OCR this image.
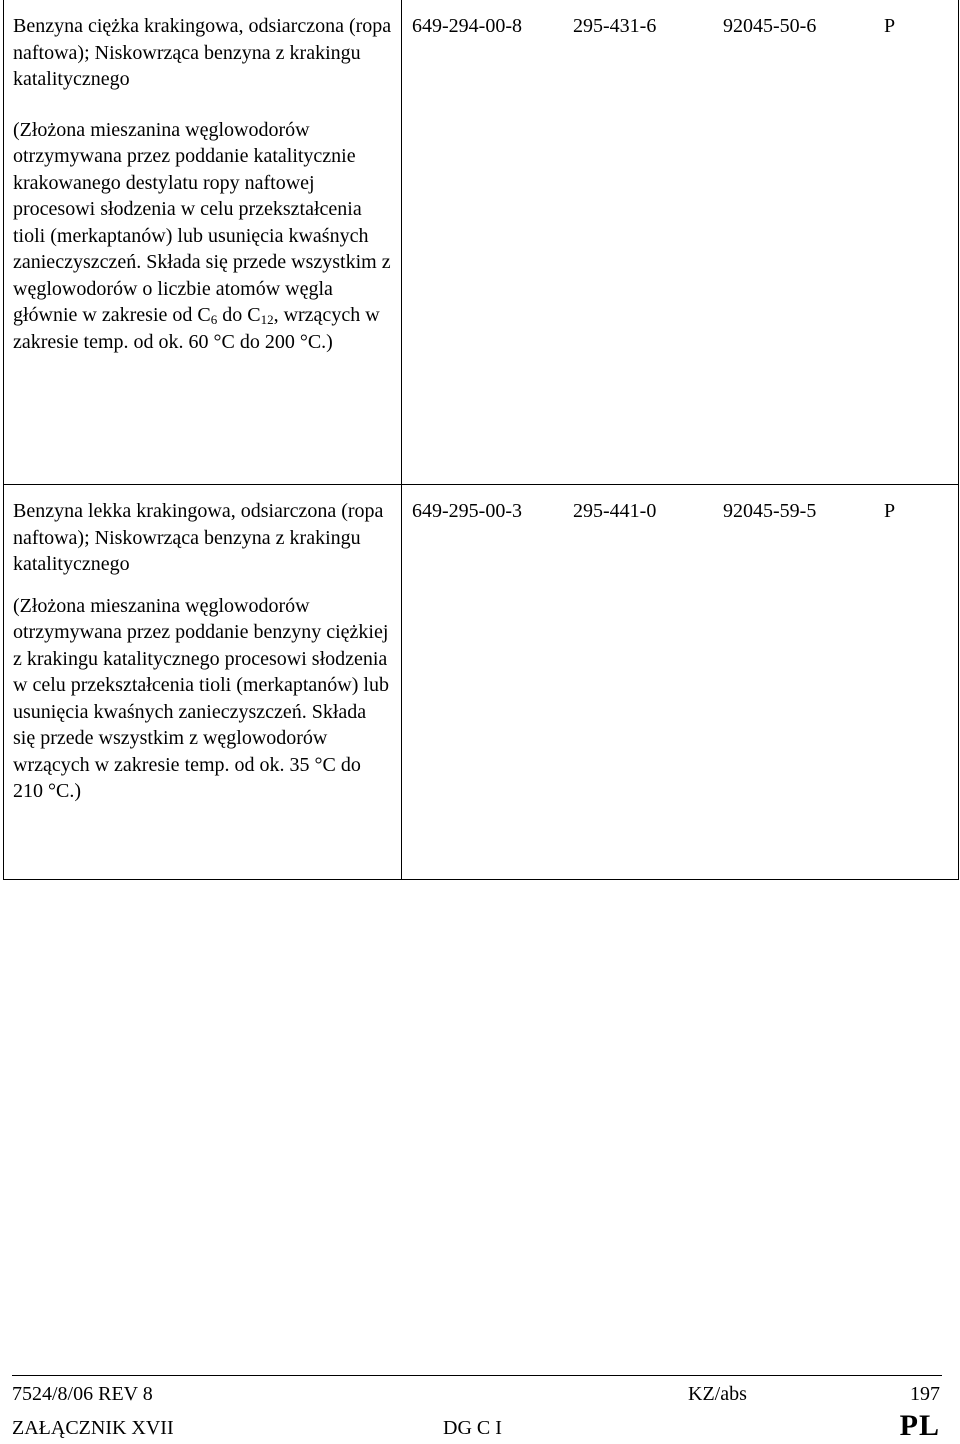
Benzyna ciężka krakingowa, odsiarczona (ropa naftowa); Niskowrząca benzyna z krakingu katalitycznego
(Złożona mieszanina węglowodorów otrzymywana przez poddanie katalitycznie krakowanego destylatu ropy naftowej procesowi słodzenia w celu przekształcenia tioli (merkaptanów) lub usunięcia kwaśnych zanieczyszczeń. Składa się przede wszystkim z węglowodorów o liczbie atomów węgla głównie w zakresie od $C_6$ do $C_{12}$, wrzących w zakresie temp. od ok. 60 °C do 200 °C.)	649-294-00-8 295-431-6 92045-50-6 P

Benzyna lekka krakingowa, odsiarczona (ropa naftowa); Niskowrząca benzyna z krakingu katalitycznego
(Złożona mieszanina węglowodorów otrzymywana przez poddanie benzyny ciężkiej z krakingu katalitycznego procesowi słodzenia w celu przekształcenia tioli (merkaptanów) lub usunięcia kwaśnych zanieczyszczeń. Składa się przede wszystkim z węglowodorów wrzących w zakresie temp. od ok. 35 °C do 210 °C.)	649-295-00-3 295-441-0 92045-59-5 P
7524/8/06 REV 8	KZ/abs	197
ZAŁĄCZNIK XVII	DG C I	PL
